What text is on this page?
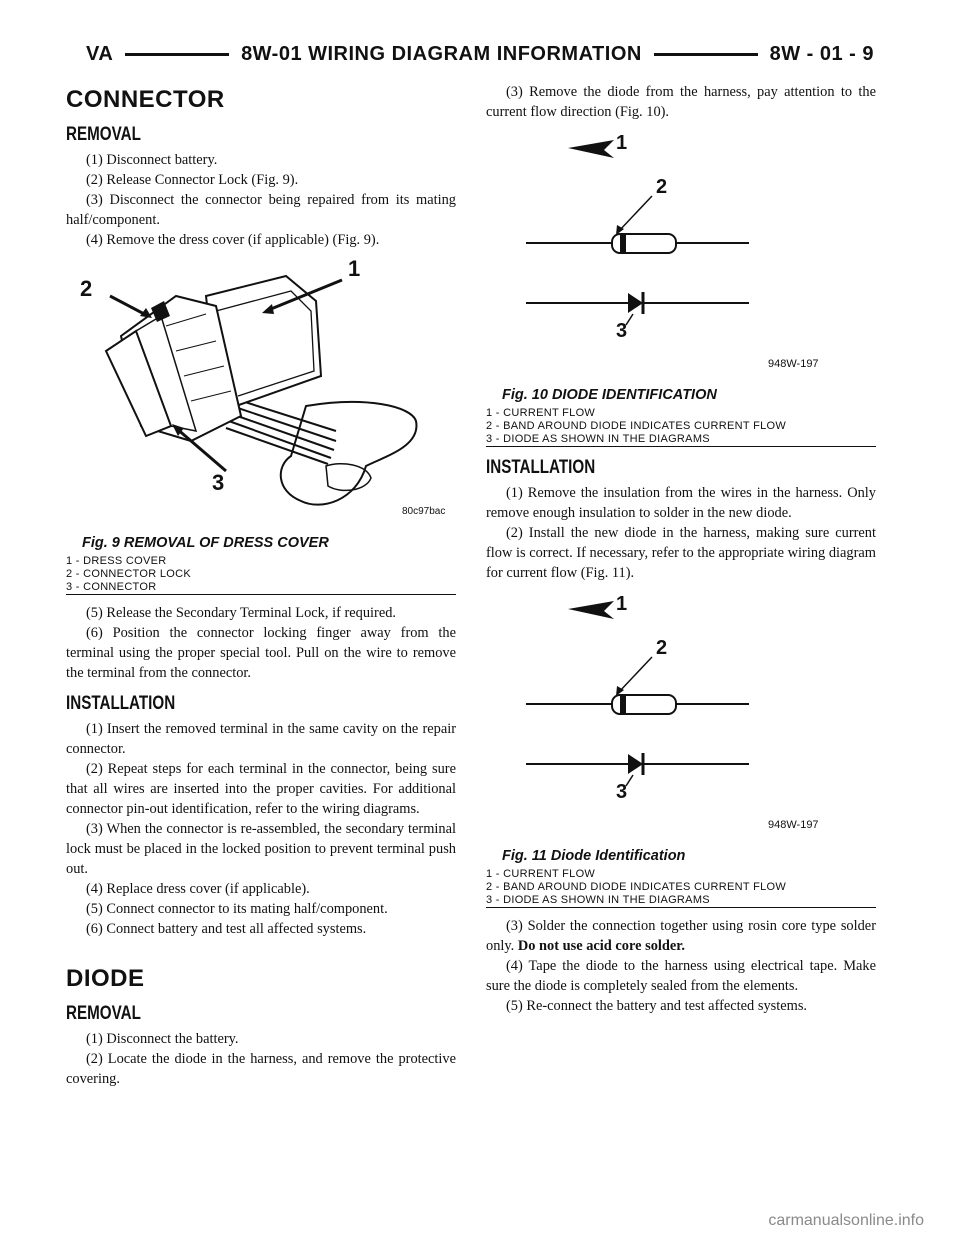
VA	8W-01 WIRING DIAGRAM INFORMATION	8W - 01 - 9
CONNECTOR
REMOVAL

(1) Disconnect battery.

(2) Release Connector Lock (Fig. 9).

(3) Disconnect the connector being repaired from its mating half/component.

(4) Remove the dress cover (if applicable) (Fig. 9).

1
2
3
80c97bac
Fig. 9 REMOVAL OF DRESS COVER
1 - DRESS COVER
2 - CONNECTOR LOCK
3 - CONNECTOR

(5) Release the Secondary Terminal Lock, if required.

(6) Position the connector locking finger away from the terminal using the proper special tool. Pull on the wire to remove the terminal from the connector.

INSTALLATION

(1) Insert the removed terminal in the same cavity on the repair connector.

(2) Repeat steps for each terminal in the connector, being sure that all wires are inserted into the proper cavities. For additional connector pin-out identification, refer to the wiring diagrams.

(3) When the connector is re-assembled, the secondary terminal lock must be placed in the locked position to prevent terminal push out.

(4) Replace dress cover (if applicable).

(5) Connect connector to its mating half/component.

(6) Connect battery and test all affected systems.

DIODE
REMOVAL

(1) Disconnect the battery.

(2) Locate the diode in the harness, and remove the protective covering.

(3) Remove the diode from the harness, pay attention to the current flow direction (Fig. 10).

1
2
3
948W-197
Fig. 10 DIODE IDENTIFICATION
1 - CURRENT FLOW
2 - BAND AROUND DIODE INDICATES CURRENT FLOW
3 - DIODE AS SHOWN IN THE DIAGRAMS
INSTALLATION

(1) Remove the insulation from the wires in the harness. Only remove enough insulation to solder in the new diode.

(2) Install the new diode in the harness, making sure current flow is correct. If necessary, refer to the appropriate wiring diagram for current flow (Fig. 11).

1
2
3
948W-197
Fig. 11 Diode Identification
1 - CURRENT FLOW
2 - BAND AROUND DIODE INDICATES CURRENT FLOW
3 - DIODE AS SHOWN IN THE DIAGRAMS

(3) Solder the connection together using rosin core type solder only. Do not use acid core solder.

(4) Tape the diode to the harness using electrical tape. Make sure the diode is completely sealed from the elements.

(5) Re-connect the battery and test affected systems.

carmanualsonline.info
